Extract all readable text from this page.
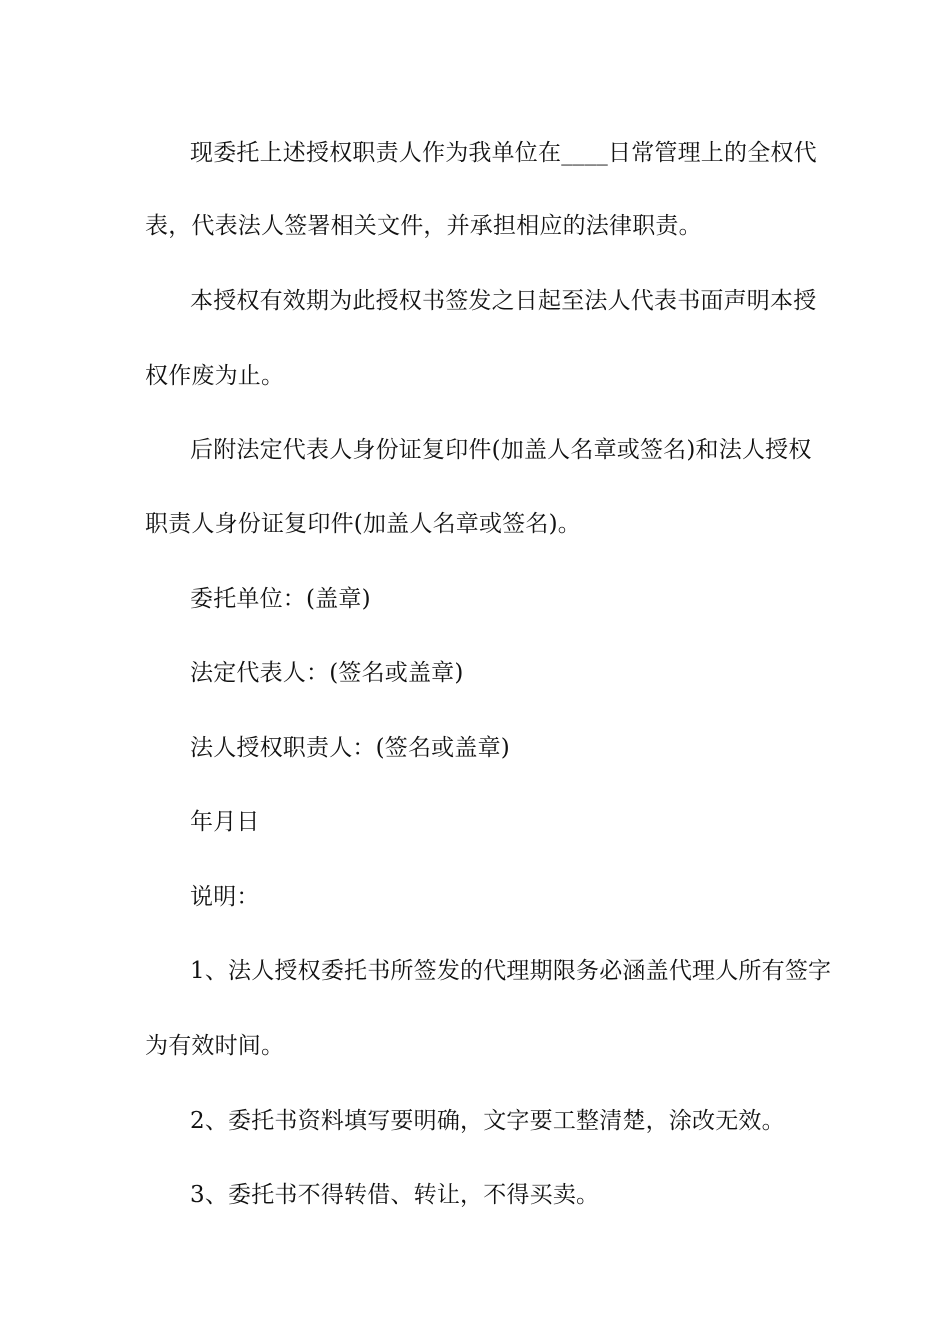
现委托上述授权职责人作为我单位在____日常管理上的全权代
表，代表法人签署相关文件，并承担相应的法律职责。
本授权有效期为此授权书签发之日起至法人代表书面声明本授
权作废为止。
后附法定代表人身份证复印件(加盖人名章或签名)和法人授权
职责人身份证复印件(加盖人名章或签名)。
委托单位：(盖章)
法定代表人：(签名或盖章)
法人授权职责人：(签名或盖章)
年月日
说明：
1、法人授权委托书所签发的代理期限务必涵盖代理人所有签字
为有效时间。
2、委托书资料填写要明确，文字要工整清楚，涂改无效。
3、委托书不得转借、转让，不得买卖。
